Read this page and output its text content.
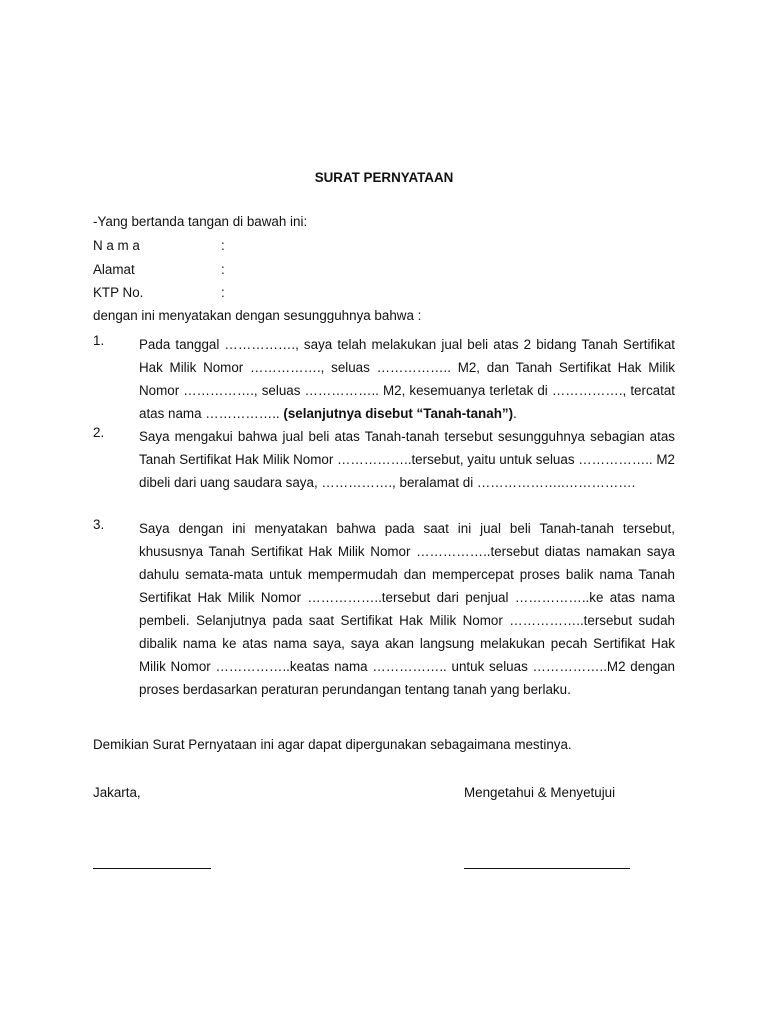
SURAT PERNYATAAN
-Yang bertanda tangan di bawah ini:
N a m a	:
Alamat	:
KTP No.	:
dengan ini menyatakan dengan sesungguhnya bahwa :
1.	Pada tanggal ……………., saya telah melakukan jual beli atas 2 bidang Tanah Sertifikat Hak Milik Nomor ……………., seluas …………….. M2, dan Tanah Sertifikat Hak Milik Nomor ……………., seluas …………….. M2, kesemuanya terletak di ……………., tercatat atas nama …………….. (selanjutnya disebut “Tanah-tanah”).
2.	Saya mengakui bahwa jual beli atas Tanah-tanah tersebut sesungguhnya sebagian atas Tanah Sertifikat Hak Milik Nomor ……………..tersebut, yaitu untuk seluas …………….. M2 dibeli dari uang saudara saya, ……………., beralamat di ………………..…………….
3.	Saya dengan ini menyatakan bahwa pada saat ini jual beli Tanah-tanah tersebut, khususnya Tanah Sertifikat Hak Milik Nomor ……………..tersebut diatas namakan saya dahulu semata-mata untuk mempermudah dan mempercepat proses balik nama Tanah Sertifikat Hak Milik Nomor ……………..tersebut dari penjual ……………..ke atas nama pembeli. Selanjutnya pada saat Sertifikat Hak Milik Nomor ……………..tersebut sudah dibalik nama ke atas nama saya, saya akan langsung melakukan pecah Sertifikat Hak Milik Nomor ……………..keatas nama …………….. untuk seluas ……………..M2 dengan proses berdasarkan peraturan perundangan tentang tanah yang berlaku.
Demikian Surat Pernyataan ini agar dapat dipergunakan sebagaimana mestinya.
Jakarta,	Mengetahui & Menyetujui
